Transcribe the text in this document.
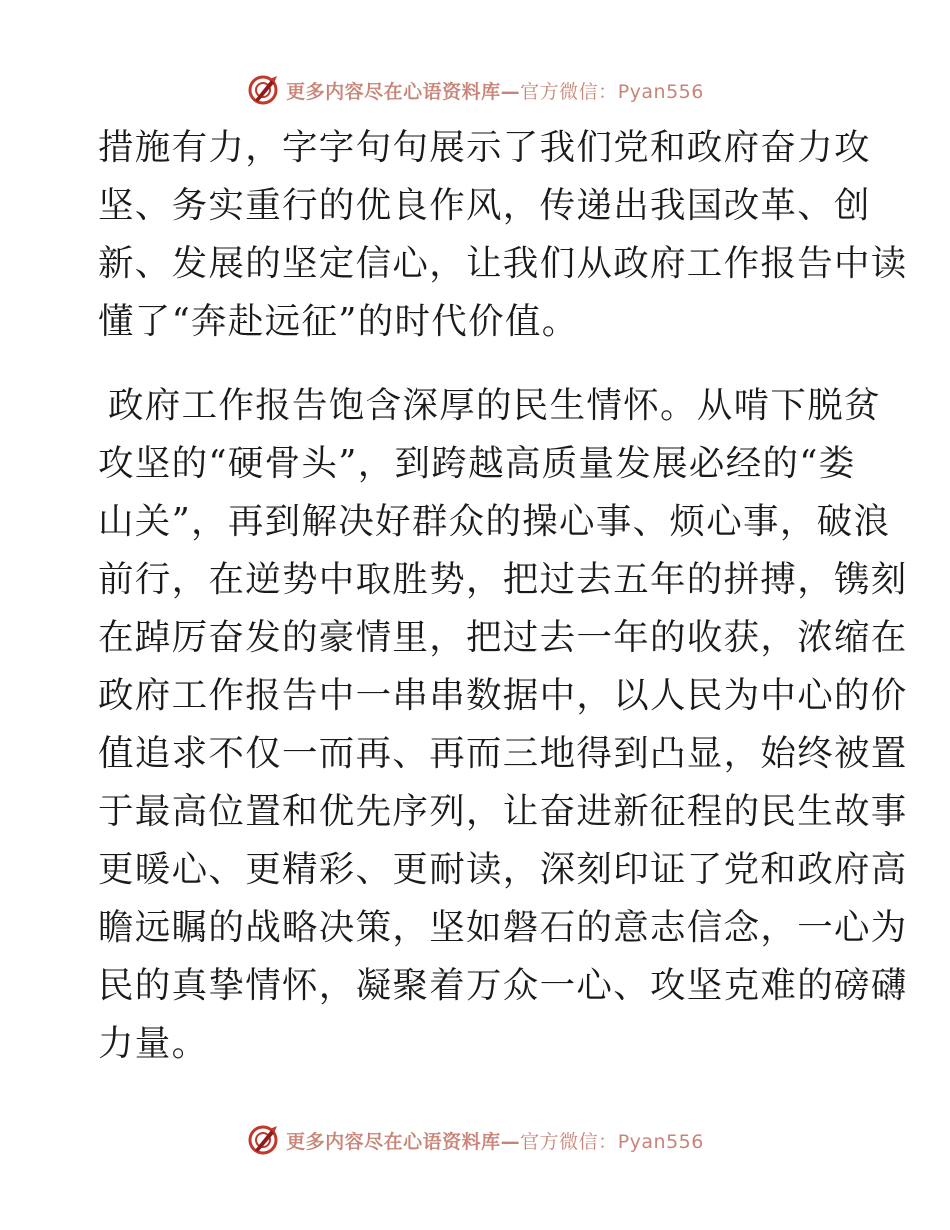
更多内容尽在心语资料库—官方微信：Pyan556
措施有力，字字句句展示了我们党和政府奋力攻
坚、务实重行的优良作风，传递出我国改革、创
新、发展的坚定信心，让我们从政府工作报告中读
懂了“奔赴远征”的时代价值。
政府工作报告饱含深厚的民生情怀。从啃下脱贫
攻坚的“硬骨头”，到跨越高质量发展必经的“娄
山关”，再到解决好群众的操心事、烦心事，破浪
前行，在逆势中取胜势，把过去五年的拼搏，镌刻
在踔厉奋发的豪情里，把过去一年的收获，浓缩在
政府工作报告中一串串数据中，以人民为中心的价
值追求不仅一而再、再而三地得到凸显，始终被置
于最高位置和优先序列，让奋进新征程的民生故事
更暖心、更精彩、更耐读，深刻印证了党和政府高
瞻远瞩的战略决策，坚如磐石的意志信念，一心为
民的真挚情怀，凝聚着万众一心、攻坚克难的磅礴
力量。
更多内容尽在心语资料库—官方微信：Pyan556
